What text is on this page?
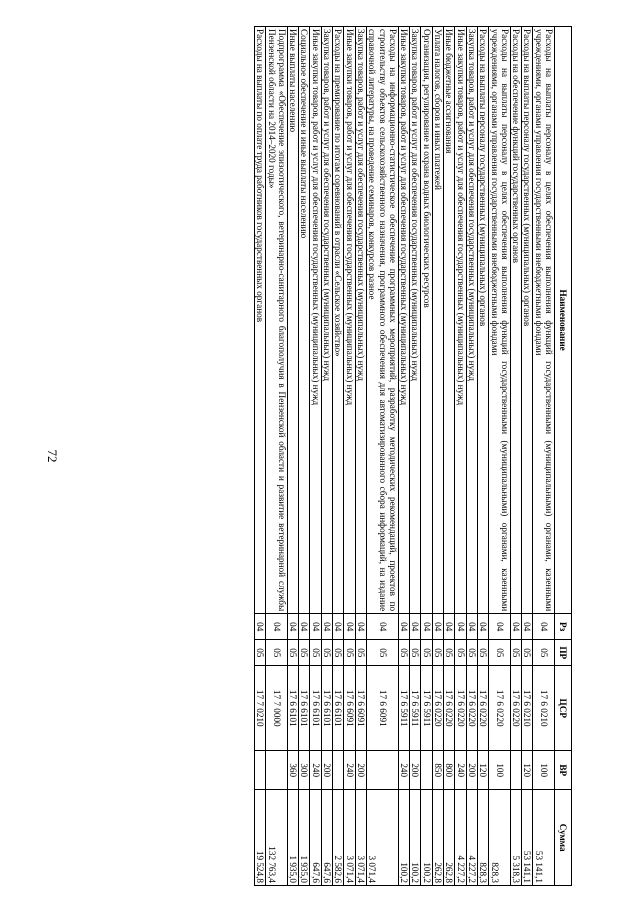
72
Наименование	Рз	ПР	ЦСР	ВР	Сумма
Расходы на выплаты персоналу в целях обеспечения выполнения функций государственными (муниципальными) органами, казенными учреждениями, органами управления государственными внебюджетными фондами	04	05	17 6 0210	100	53 141,1
Расходы на выплаты персоналу государственных (муниципальных) органов	04	05	17 6 0210	120	53 141,1
Расходы на обеспечение функций государственных органов	04	05	17 6 0220		5 318,3
Расходы на выплаты персоналу в целях обеспечения выполнения функций государственными (муниципальными) органами, казенными учреждениями, органами управления государственными внебюджетными фондами	04	05	17 6 0220	100	828,3
Расходы на выплаты персоналу государственных (муниципальных) органов	04	05	17 6 0220	120	828,3
Закупка товаров, работ и услуг для обеспечения государственных (муниципальных) нужд	04	05	17 6 0220	200	4 227,2
Иные закупки товаров, работ и услуг для обеспечения государственных (муниципальных) нужд	04	05	17 6 0220	240	4 227,2
Иные бюджетные ассигнования	04	05	17 6 0220	800	262,8
Уплата налогов, сборов и иных платежей	04	05	17 6 0220	850	262,8
Организация, регулирование и охрана водных биологических ресурсов	04	05	17 6 5911		100,2
Закупка товаров, работ и услуг для обеспечения государственных (муниципальных) нужд	04	05	17 6 5911	200	100,2
Иные закупки товаров, работ и услуг для обеспечения государственных (муниципальных) нужд	04	05	17 6 5911	240	100,2
Расходы на информационно-статистическое обеспечение программных мероприятий, разработку методических рекомендаций, проектов по строительству объектов сельскохозяйственного назначения, программного обеспечения для автоматизированного сбора информаций, на издание справочной литературы, на проведение семинаров, конкурсов разное	04	05	17 6 6091		3 071,4
Закупка товаров, работ и услуг для обеспечения государственных (муниципальных) нужд	04	05	17 6 6091	200	3 071,4
Иные закупки товаров, работ и услуг для обеспечения государственных (муниципальных) нужд	04	05	17 6 6091	240	3 071,4
Расходы на премирование по итогам соревнований в отрасли «Сельское хозяйство»	04	05	17 6 6101		2 582,6
Закупка товаров, работ и услуг для обеспечения государственных (муниципальных) нужд	04	05	17 6 6101	200	647,6
Иные закупки товаров, работ и услуг для обеспечения государственных (муниципальных) нужд	04	05	17 6 6101	240	647,6
Социальное обеспечение и иные выплаты населению	04	05	17 6 6101	300	1 935,0
Иные выплаты населению	04	05	17 6 6101	360	1 935,0
Подпрограмма «Обеспечение эпизоотического, ветеринарно-санитарного благополучия в Пензенской области и развитие ветеринарной службы Пензенской области на 2014–2020 годы»	04	05	17 7 0000		132 763,4
Расходы на выплаты по оплате труда работников государственных органов	04	05	17 7 0210		19 524,8
